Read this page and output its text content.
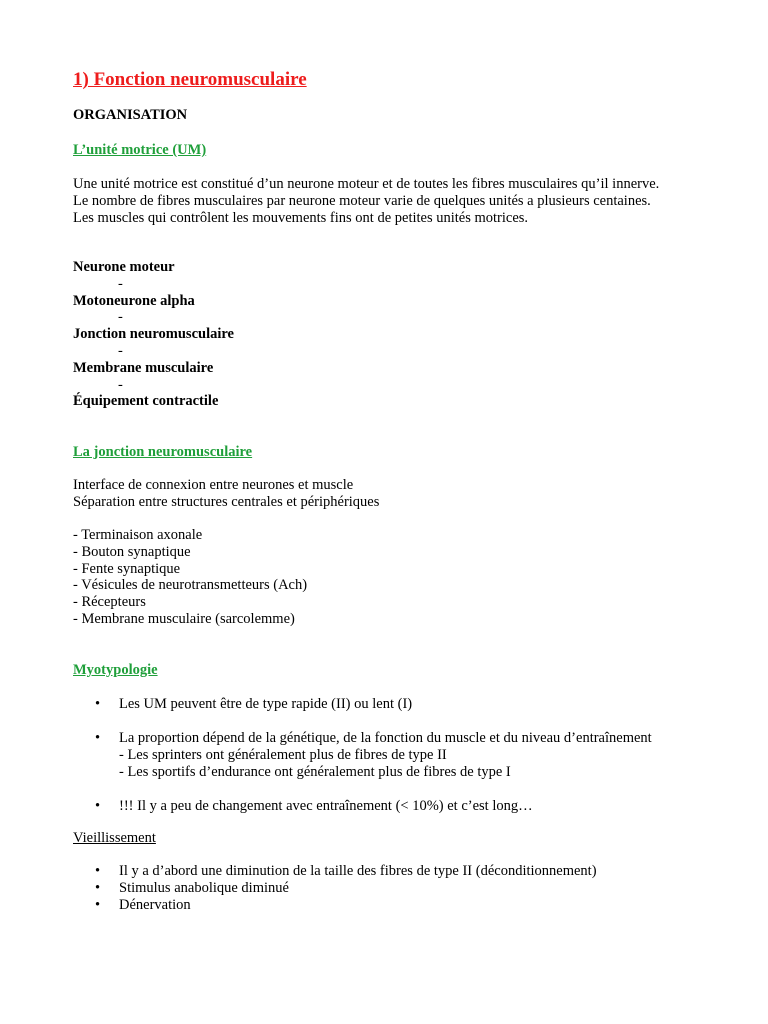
1) Fonction neuromusculaire

ORGANISATION

L’unité motrice (UM)

Une unité motrice est constitué d’un neurone moteur et de toutes les fibres musculaires qu’il innerve.
Le nombre de fibres musculaires par neurone moteur varie de quelques unités a plusieurs centaines.
Les muscles qui contrôlent les mouvements fins ont de petites unités motrices.
Neurone moteur
-
Motoneurone alpha
-
Jonction neuromusculaire
-
Membrane musculaire
-
Équipement contractile

La jonction neuromusculaire

Interface de connexion entre neurones et muscle
Séparation entre structures centrales et périphériques
- Terminaison axonale
- Bouton synaptique
- Fente synaptique
- Vésicules de neurotransmetteurs (Ach)
- Récepteurs
- Membrane musculaire (sarcolemme)

Myotypologie

• Les UM peuvent être de type rapide (II) ou lent (I)
• La proportion dépend de la génétique, de la fonction du muscle et du niveau d’entraînement
- Les sprinters ont généralement plus de fibres de type II
- Les sportifs d’endurance ont généralement plus de fibres de type I
• !!! Il y a peu de changement avec entraînement (< 10%) et c’est long…

Vieillissement

• Il y a d’abord une diminution de la taille des fibres de type II (déconditionnement)
• Stimulus anabolique diminué
• Dénervation
